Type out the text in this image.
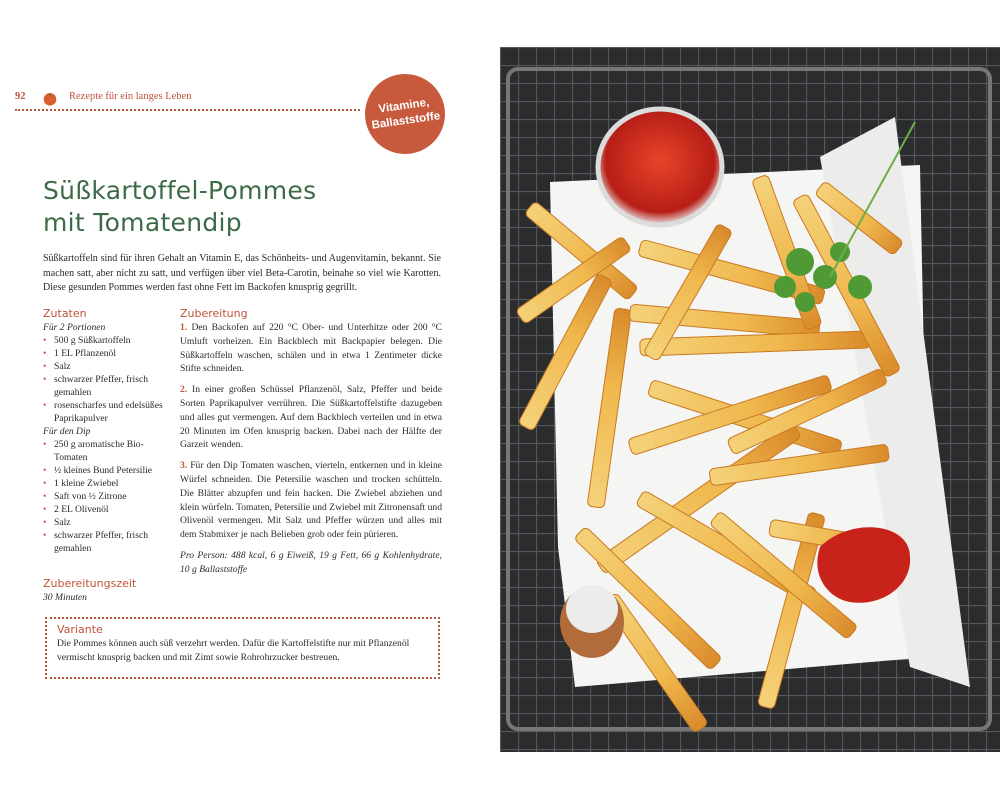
92	Rezepte für ein langes Leben
Vitamine,
Ballaststoffe
Süßkartoffel-Pommes
mit Tomatendip
Süßkartoffeln sind für ihren Gehalt an Vitamin E, das Schönheits- und Augenvitamin, bekannt. Sie machen satt, aber nicht zu satt, und verfügen über viel Beta-Carotin, beinahe so viel wie Karotten. Diese gesunden Pommes werden fast ohne Fett im Backofen knusprig gegrillt.
Zutaten
Für 2 Portionen
• 500 g Süßkartoffeln
• 1 EL Pflanzenöl
• Salz
• schwarzer Pfeffer, frisch gemahlen
• rosenscharfes und edelsüßes Paprikapulver
Für den Dip
• 250 g aromatische Bio-Tomaten
• ½ kleines Bund Petersilie
• 1 kleine Zwiebel
• Saft von ½ Zitrone
• 2 EL Olivenöl
• Salz
• schwarzer Pfeffer, frisch gemahlen
Zubereitungszeit
30 Minuten
Zubereitung

1. Den Backofen auf 220 °C Ober- und Unterhitze oder 200 °C Umluft vorheizen. Ein Backblech mit Backpapier belegen. Die Süßkartoffeln waschen, schälen und in etwa 1 Zentimeter dicke Stifte schneiden.

2. In einer großen Schüssel Pflanzenöl, Salz, Pfeffer und beide Sorten Paprikapulver verrühren. Die Süßkartoffelstifte dazugeben und alles gut vermengen. Auf dem Backblech verteilen und in etwa 20 Minuten im Ofen knusprig backen. Dabei nach der Hälfte der Garzeit wenden.

3. Für den Dip Tomaten waschen, vierteln, entkernen und in kleine Würfel schneiden. Die Petersilie waschen und trocken schütteln. Die Blätter abzupfen und fein hacken. Die Zwiebel abziehen und klein würfeln. Tomaten, Petersilie und Zwiebel mit Zitronensaft und Olivenöl vermengen. Mit Salz und Pfeffer würzen und alles mit dem Stabmixer je nach Belieben grob oder fein pürieren.

Pro Person: 488 kcal, 6 g Eiweiß, 19 g Fett, 66 g Kohlenhydrate, 10 g Ballaststoffe

Variante

Die Pommes können auch süß verzehrt werden. Dafür die Kartoffelstifte nur mit Pflanzenöl vermischt knusprig backen und mit Zimt sowie Rohrohrzucker bestreuen.
